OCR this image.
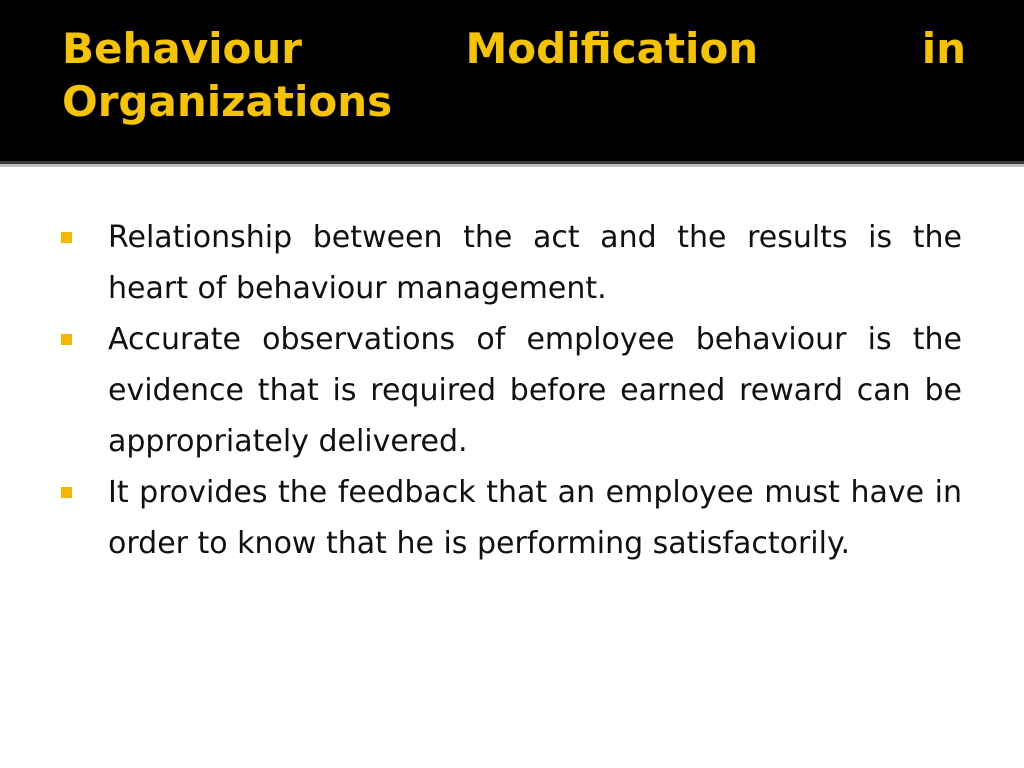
Behaviour Modification in Organizations
Relationship between the act and the results is the heart of behaviour management.
Accurate observations of employee behaviour is the evidence that is required before earned reward can be appropriately delivered.
It provides the feedback that an employee must have in order to know that he is performing satisfactorily.
